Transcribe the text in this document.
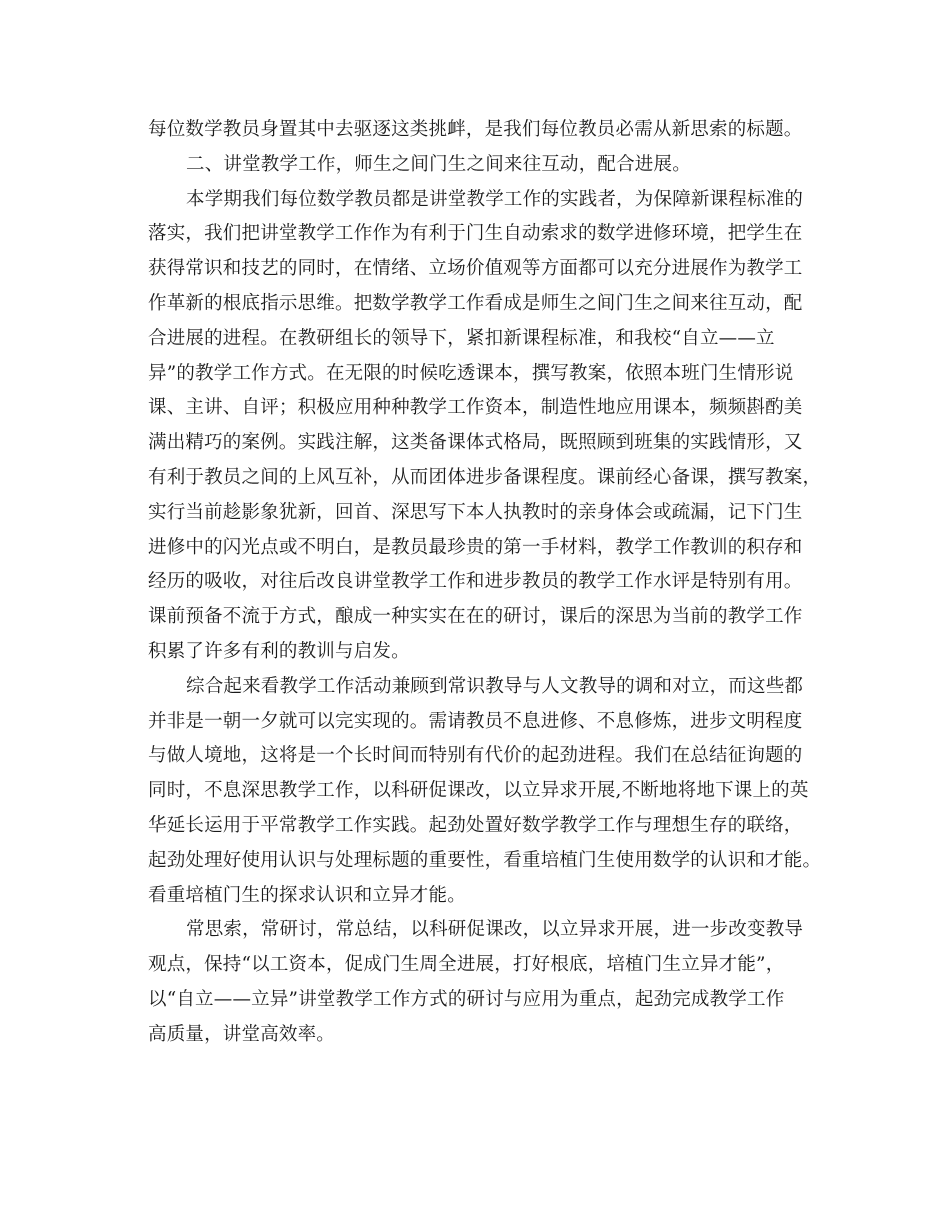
每位数学教员身置其中去驱逐这类挑衅，是我们每位教员必需从新思索的标题。
二、讲堂教学工作，师生之间门生之间来往互动，配合进展。
本学期我们每位数学教员都是讲堂教学工作的实践者，为保障新课程标准的
落实，我们把讲堂教学工作作为有利于门生自动索求的数学进修环境，把学生在
获得常识和技艺的同时，在情绪、立场价值观等方面都可以充分进展作为教学工
作革新的根底指示思维。把数学教学工作看成是师生之间门生之间来往互动，配
合进展的进程。在教研组长的领导下，紧扣新课程标准，和我校“自立——立
异”的教学工作方式。在无限的时候吃透课本，撰写教案，依照本班门生情形说
课、主讲、自评；积极应用种种教学工作资本，制造性地应用课本，频频斟酌美
满出精巧的案例。实践注解，这类备课体式格局，既照顾到班集的实践情形，又
有利于教员之间的上风互补，从而团体进步备课程度。课前经心备课，撰写教案，
实行当前趁影象犹新，回首、深思写下本人执教时的亲身体会或疏漏，记下门生
进修中的闪光点或不明白，是教员最珍贵的第一手材料，教学工作教训的积存和
经历的吸收，对往后改良讲堂教学工作和进步教员的教学工作水评是特别有用。
课前预备不流于方式，酿成一种实实在在的研讨，课后的深思为当前的教学工作
积累了许多有利的教训与启发。
综合起来看教学工作活动兼顾到常识教导与人文教导的调和对立，而这些都
并非是一朝一夕就可以完实现的。需请教员不息进修、不息修炼，进步文明程度
与做人境地，这将是一个长时间而特别有代价的起劲进程。我们在总结征询题的
同时，不息深思教学工作，以科研促课改，以立异求开展,不断地将地下课上的英
华延长运用于平常教学工作实践。起劲处置好数学教学工作与理想生存的联络，
起劲处理好使用认识与处理标题的重要性，看重培植门生使用数学的认识和才能。
看重培植门生的探求认识和立异才能。
常思索，常研讨，常总结，以科研促课改，以立异求开展，进一步改变教导
观点，保持“以工资本，促成门生周全进展，打好根底，培植门生立异才能”，
以“自立——立异”讲堂教学工作方式的研讨与应用为重点，起劲完成教学工作
高质量，讲堂高效率。
